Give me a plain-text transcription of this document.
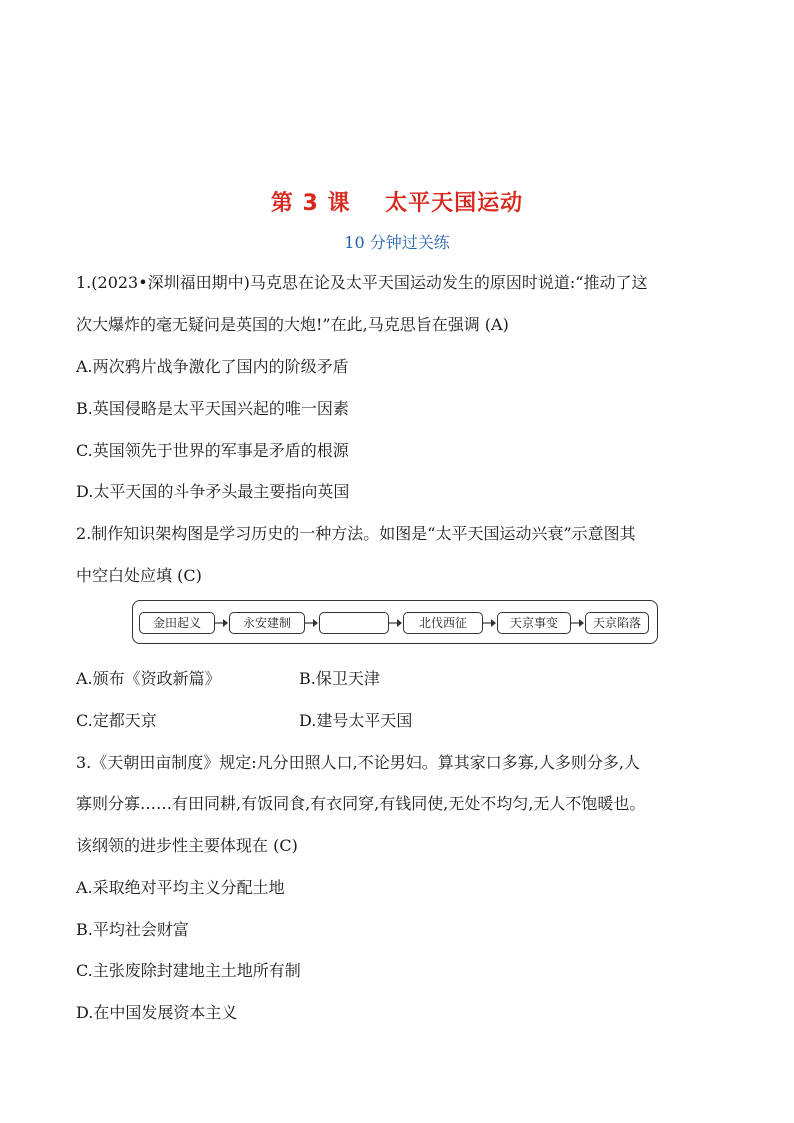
第 3 课    太平天国运动
10 分钟过关练
1.(2023•深圳福田期中)马克思在论及太平天国运动发生的原因时说道:“推动了这
次大爆炸的毫无疑问是英国的大炮!”在此,马克思旨在强调 (A)
A.两次鸦片战争激化了国内的阶级矛盾
B.英国侵略是太平天国兴起的唯一因素
C.英国领先于世界的军事是矛盾的根源
D.太平天国的斗争矛头最主要指向英国
2.制作知识架构图是学习历史的一种方法。如图是“太平天国运动兴衰”示意图其
中空白处应填 (C)
金田起义	永安建制	北伐西征	天京事变	天京陷落
A.颁布《资政新篇》	B.保卫天津
C.定都天京	D.建号太平天国
3.《天朝田亩制度》规定:凡分田照人口,不论男妇。算其家口多寡,人多则分多,人
寡则分寡……有田同耕,有饭同食,有衣同穿,有钱同使,无处不均匀,无人不饱暖也。
该纲领的进步性主要体现在 (C)
A.采取绝对平均主义分配土地
B.平均社会财富
C.主张废除封建地主土地所有制
D.在中国发展资本主义
